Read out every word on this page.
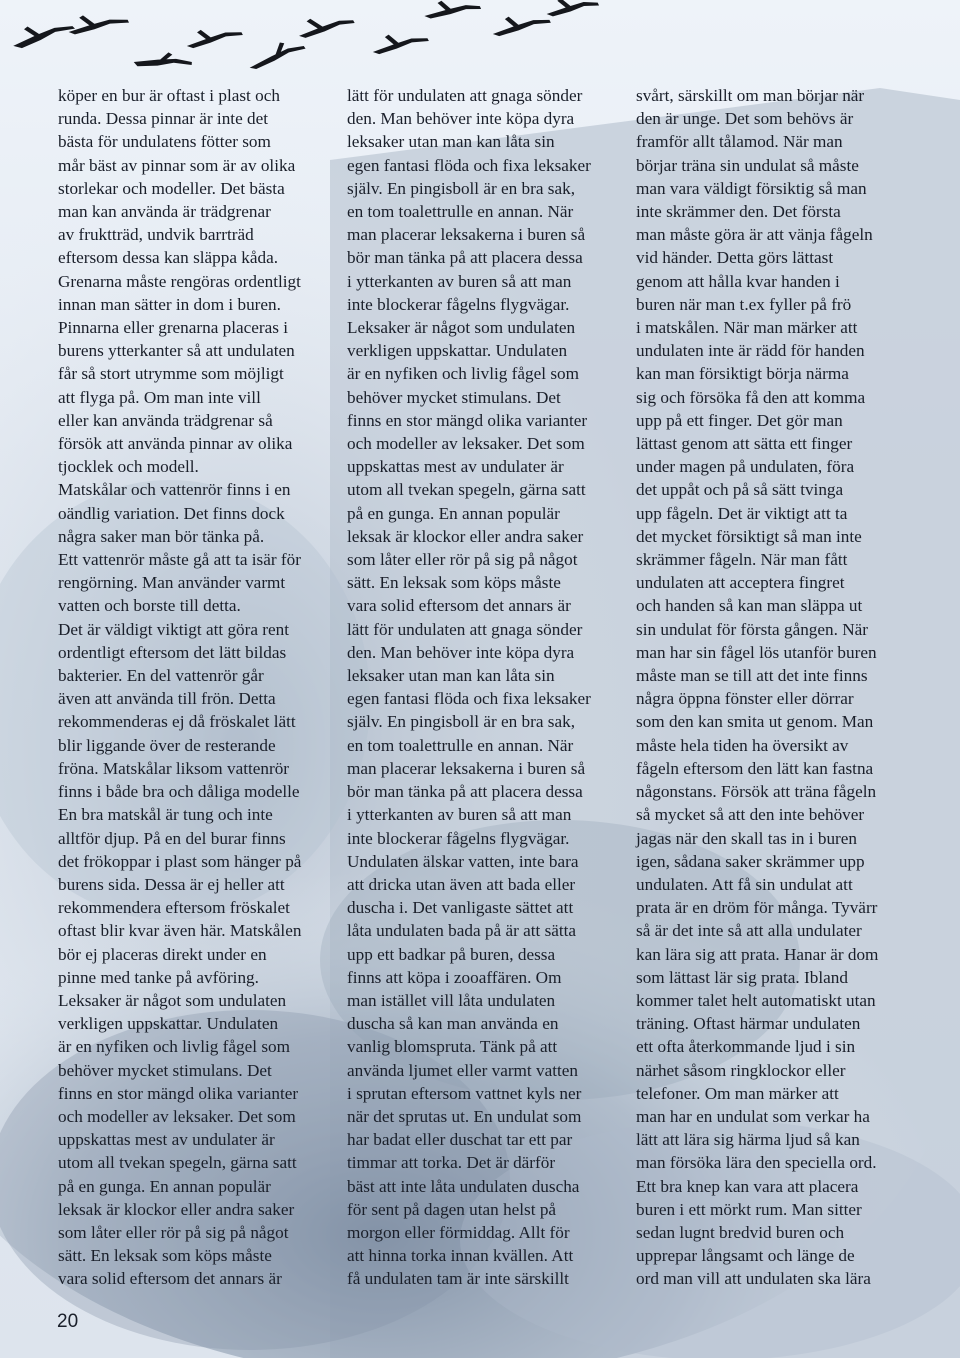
köper en bur är oftast i plast och
runda. Dessa pinnar är inte det
bästa för undulatens fötter som
mår bäst av pinnar som är av olika
storlekar och modeller. Det bästa
man kan använda är trädgrenar
av fruktträd, undvik barrträd
eftersom dessa kan släppa kåda.
Grenarna måste rengöras ordentligt
innan man sätter in dom i buren.
Pinnarna eller grenarna placeras i
burens ytterkanter så att undulaten
får så stort utrymme som möjligt
att flyga på. Om man inte vill
eller kan använda trädgrenar så
försök att använda pinnar av olika
tjocklek och modell.
Matskålar och vattenrör finns i en
oändlig variation. Det finns dock
några saker man bör tänka på.
Ett vattenrör måste gå att ta isär för
rengörning. Man använder varmt
vatten och borste till detta.
Det är väldigt viktigt att göra rent
ordentligt eftersom det lätt bildas
bakterier. En del vattenrör går
även att använda till frön. Detta
rekommenderas ej då fröskalet lätt
blir liggande över de resterande
fröna. Matskålar liksom vattenrör
finns i både bra och dåliga modelle
En bra matskål är tung och inte
alltför djup. På en del burar finns
det frökoppar i plast som hänger på
burens sida. Dessa är ej heller att
rekommendera eftersom fröskalet
oftast blir kvar även här. Matskålen
bör ej placeras direkt under en
pinne med tanke på avföring.
Leksaker är något som undulaten
verkligen uppskattar. Undulaten
är en nyfiken och livlig fågel som
behöver mycket stimulans. Det
finns en stor mängd olika varianter
och modeller av leksaker. Det som
uppskattas mest av undulater är
utom all tvekan spegeln, gärna satt
på en gunga. En annan populär
leksak är klockor eller andra saker
som låter eller rör på sig på något
sätt. En leksak som köps måste
vara solid eftersom det annars är

lätt för undulaten att gnaga sönder
den. Man behöver inte köpa dyra
leksaker utan man kan låta sin
egen fantasi flöda och fixa leksaker
själv. En pingisboll är en bra sak,
en tom toalettrulle en annan. När
man placerar leksakerna i buren så
bör man tänka på att placera dessa
i ytterkanten av buren så att man
inte blockerar fågelns flygvägar.
Leksaker är något som undulaten
verkligen uppskattar. Undulaten
är en nyfiken och livlig fågel som
behöver mycket stimulans. Det
finns en stor mängd olika varianter
och modeller av leksaker. Det som
uppskattas mest av undulater är
utom all tvekan spegeln, gärna satt
på en gunga. En annan populär
leksak är klockor eller andra saker
som låter eller rör på sig på något
sätt. En leksak som köps måste
vara solid eftersom det annars är
lätt för undulaten att gnaga sönder
den. Man behöver inte köpa dyra
leksaker utan man kan låta sin
egen fantasi flöda och fixa leksaker
själv. En pingisboll är en bra sak,
en tom toalettrulle en annan. När
man placerar leksakerna i buren så
bör man tänka på att placera dessa
i ytterkanten av buren så att man
inte blockerar fågelns flygvägar.
Undulaten älskar vatten, inte bara
att dricka utan även att bada eller
duscha i. Det vanligaste sättet att
låta undulaten bada på är att sätta
upp ett badkar på buren, dessa
finns att köpa i zooaffären. Om
man istället vill låta undulaten
duscha så kan man använda en
vanlig blomspruta. Tänk på att
använda ljumet eller varmt vatten
i sprutan eftersom vattnet kyls ner
när det sprutas ut. En undulat som
har badat eller duschat tar ett par
timmar att torka. Det är därför
bäst att inte låta undulaten duscha
för sent på dagen utan helst på
morgon eller förmiddag. Allt för
att hinna torka innan kvällen. Att
få undulaten tam är inte särskillt

svårt, särskillt om man börjar när
den är unge. Det som behövs är
framför allt tålamod. När man
börjar träna sin undulat så måste
man vara väldigt försiktig så man
inte skrämmer den. Det första
man måste göra är att vänja fågeln
vid händer. Detta görs lättast
genom att hålla kvar handen i
buren när man t.ex fyller på frö
i matskålen. När man märker att
undulaten inte är rädd för handen
kan man försiktigt börja närma
sig och försöka få den att komma
upp på ett finger. Det gör man
lättast genom att sätta ett finger
under magen på undulaten, föra
det uppåt och på så sätt tvinga
upp fågeln. Det är viktigt att ta
det mycket försiktigt så man inte
skrämmer fågeln. När man fått
undulaten att acceptera fingret
och handen så kan man släppa ut
sin undulat för första gången. När
man har sin fågel lös utanför buren
måste man se till att det inte finns
några öppna fönster eller dörrar
som den kan smita ut genom. Man
måste hela tiden ha översikt av
fågeln eftersom den lätt kan fastna
någonstans. Försök att träna fågeln
så mycket så att den inte behöver
jagas när den skall tas in i buren
igen, sådana saker skrämmer upp
undulaten. Att få sin undulat att
prata är en dröm för många. Tyvärr
så är det inte så att alla undulater
kan lära sig att prata. Hanar är dom
som lättast lär sig prata. Ibland
kommer talet helt automatiskt utan
träning. Oftast härmar undulaten
ett ofta återkommande ljud i sin
närhet såsom ringklockor eller
telefoner. Om man märker att
man har en undulat som verkar ha
lätt att lära sig härma ljud så kan
man försöka lära den speciella ord.
Ett bra knep kan vara att placera
buren i ett mörkt rum. Man sitter
sedan lugnt bredvid buren och
upprepar långsamt och länge de
ord man vill att undulaten ska lära

20
